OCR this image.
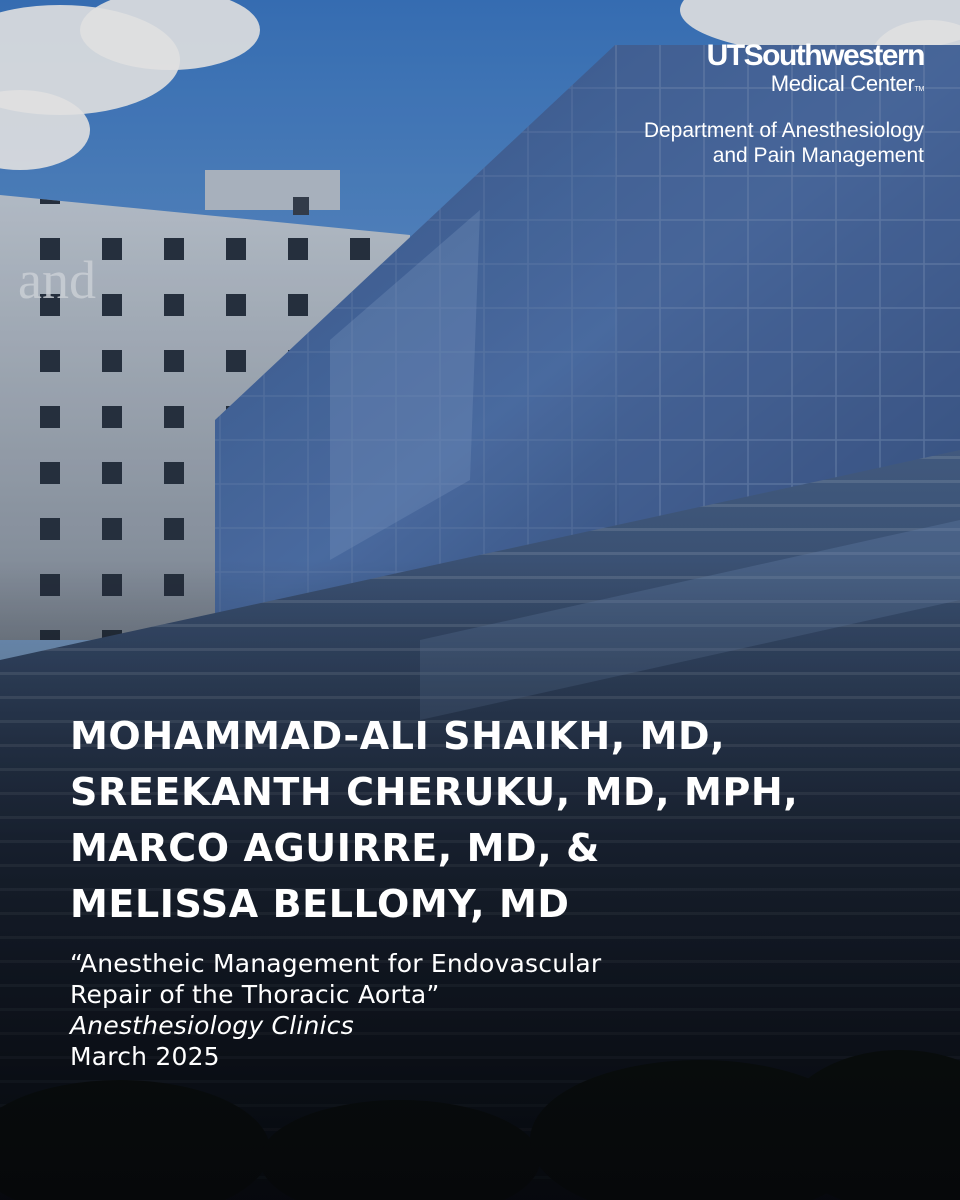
and
UTSouthwestern
Medical CenterTM
Department of Anesthesiology
and Pain Management
MOHAMMAD-ALI SHAIKH, MD,
SREEKANTH CHERUKU, MD, MPH,
MARCO AGUIRRE, MD, &
MELISSA BELLOMY, MD
“Anestheic Management for Endovascular
Repair of the Thoracic Aorta”
Anesthesiology Clinics
March 2025
